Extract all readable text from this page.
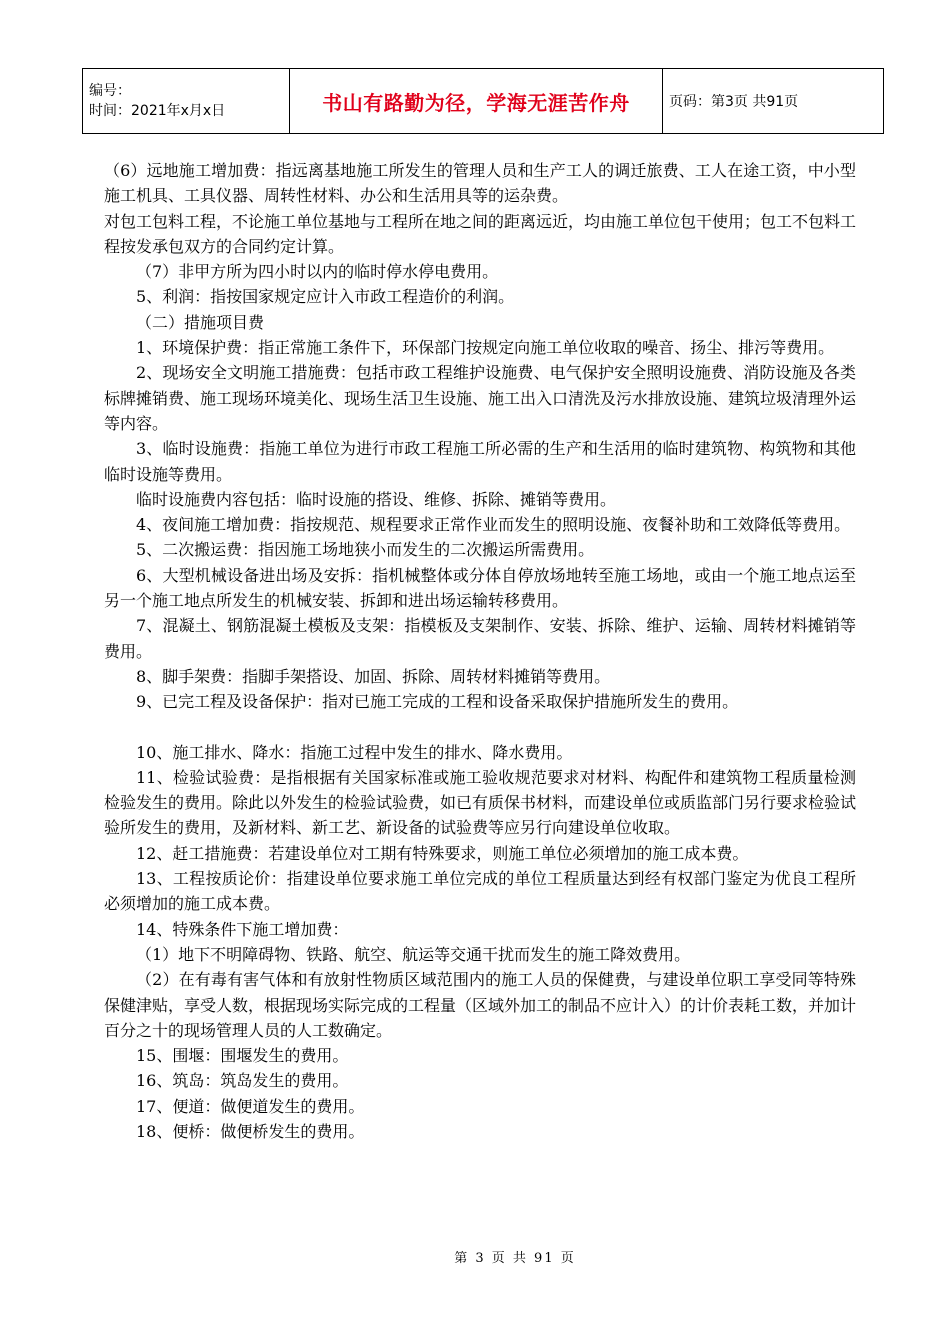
编号：
时间：2021年x月x日	书山有路勤为径，学海无涯苦作舟	页码：第3页 共91页

（6）远地施工增加费：指远离基地施工所发生的管理人员和生产工人的调迁旅费、工人在途工资，中小型施工机具、工具仪器、周转性材料、办公和生活用具等的运杂费。

对包工包料工程，不论施工单位基地与工程所在地之间的距离远近，均由施工单位包干使用；包工不包料工程按发承包双方的合同约定计算。

（7）非甲方所为四小时以内的临时停水停电费用。

5、利润：指按国家规定应计入市政工程造价的利润。

（二）措施项目费

1、环境保护费：指正常施工条件下，环保部门按规定向施工单位收取的噪音、扬尘、排污等费用。

2、现场安全文明施工措施费：包括市政工程维护设施费、电气保护安全照明设施费、消防设施及各类标牌摊销费、施工现场环境美化、现场生活卫生设施、施工出入口清洗及污水排放设施、建筑垃圾清理外运等内容。

3、临时设施费：指施工单位为进行市政工程施工所必需的生产和生活用的临时建筑物、构筑物和其他临时设施等费用。

临时设施费内容包括：临时设施的搭设、维修、拆除、摊销等费用。

4、夜间施工增加费：指按规范、规程要求正常作业而发生的照明设施、夜餐补助和工效降低等费用。

5、二次搬运费：指因施工场地狭小而发生的二次搬运所需费用。

6、大型机械设备进出场及安拆：指机械整体或分体自停放场地转至施工场地，或由一个施工地点运至另一个施工地点所发生的机械安装、拆卸和进出场运输转移费用。

7、混凝土、钢筋混凝土模板及支架：指模板及支架制作、安装、拆除、维护、运输、周转材料摊销等费用。

8、脚手架费：指脚手架搭设、加固、拆除、周转材料摊销等费用。

9、已完工程及设备保护：指对已施工完成的工程和设备采取保护措施所发生的费用。

10、施工排水、降水：指施工过程中发生的排水、降水费用。

11、检验试验费：是指根据有关国家标准或施工验收规范要求对材料、构配件和建筑物工程质量检测检验发生的费用。除此以外发生的检验试验费，如已有质保书材料，而建设单位或质监部门另行要求检验试验所发生的费用，及新材料、新工艺、新设备的试验费等应另行向建设单位收取。

12、赶工措施费：若建设单位对工期有特殊要求，则施工单位必须增加的施工成本费。

13、工程按质论价：指建设单位要求施工单位完成的单位工程质量达到经有权部门鉴定为优良工程所必须增加的施工成本费。

14、特殊条件下施工增加费：

（1）地下不明障碍物、铁路、航空、航运等交通干扰而发生的施工降效费用。

（2）在有毒有害气体和有放射性物质区域范围内的施工人员的保健费，与建设单位职工享受同等特殊保健津贴，享受人数，根据现场实际完成的工程量（区域外加工的制品不应计入）的计价表耗工数，并加计百分之十的现场管理人员的人工数确定。

15、围堰：围堰发生的费用。

16、筑岛：筑岛发生的费用。

17、便道：做便道发生的费用。

18、便桥：做便桥发生的费用。

第 3 页 共 91 页
